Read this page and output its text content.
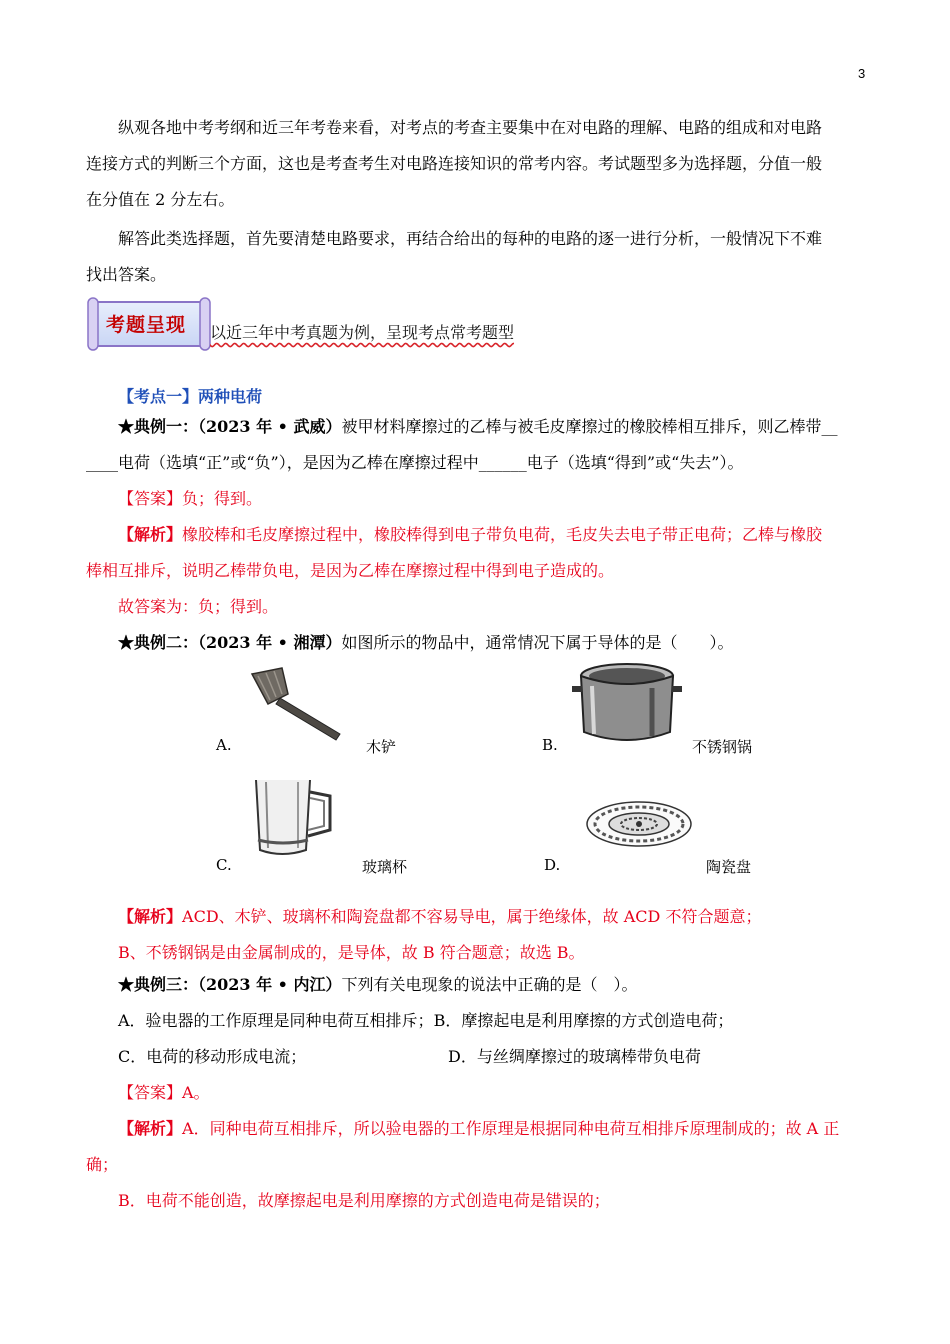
3
纵观各地中考考纲和近三年考卷来看，对考点的考查主要集中在对电路的理解、电路的组成和对电路
连接方式的判断三个方面，这也是考查考生对电路连接知识的常考内容。考试题型多为选择题，分值一般
在分值在 2 分左右。
解答此类选择题，首先要清楚电路要求，再结合给出的每种的电路的逐一进行分析，一般情况下不难
找出答案。
考题呈现	以近三年中考真题为例，呈现考点常考题型
【考点一】两种电荷
★典例一：（2023 年 • 武威）被甲材料摩擦过的乙棒与被毛皮摩擦过的橡胶棒相互排斥，则乙棒带__
____电荷（选填“正”或“负”），是因为乙棒在摩擦过程中______电子（选填“得到”或“失去”）。
【答案】负；得到。
【解析】橡胶棒和毛皮摩擦过程中，橡胶棒得到电子带负电荷，毛皮失去电子带正电荷；乙棒与橡胶
棒相互排斥，说明乙棒带负电，是因为乙棒在摩擦过程中得到电子造成的。
故答案为：负；得到。
★典例二：（2023 年 • 湘潭）如图所示的物品中，通常情况下属于导体的是（　　）。
A.	木铲	B.	不锈钢锅
C.	玻璃杯	D.	陶瓷盘
【解析】ACD、木铲、玻璃杯和陶瓷盘都不容易导电，属于绝缘体，故 ACD 不符合题意；
B、不锈钢锅是由金属制成的，是导体，故 B 符合题意；故选 B。
★典例三：（2023 年 • 内江）下列有关电现象的说法中正确的是（　）。
A．验电器的工作原理是同种电荷互相排斥；B．摩擦起电是利用摩擦的方式创造电荷；
C．电荷的移动形成电流；	D．与丝绸摩擦过的玻璃棒带负电荷
【答案】A。
【解析】A．同种电荷互相排斥，所以验电器的工作原理是根据同种电荷互相排斥原理制成的；故 A 正
确；
B．电荷不能创造，故摩擦起电是利用摩擦的方式创造电荷是错误的；
